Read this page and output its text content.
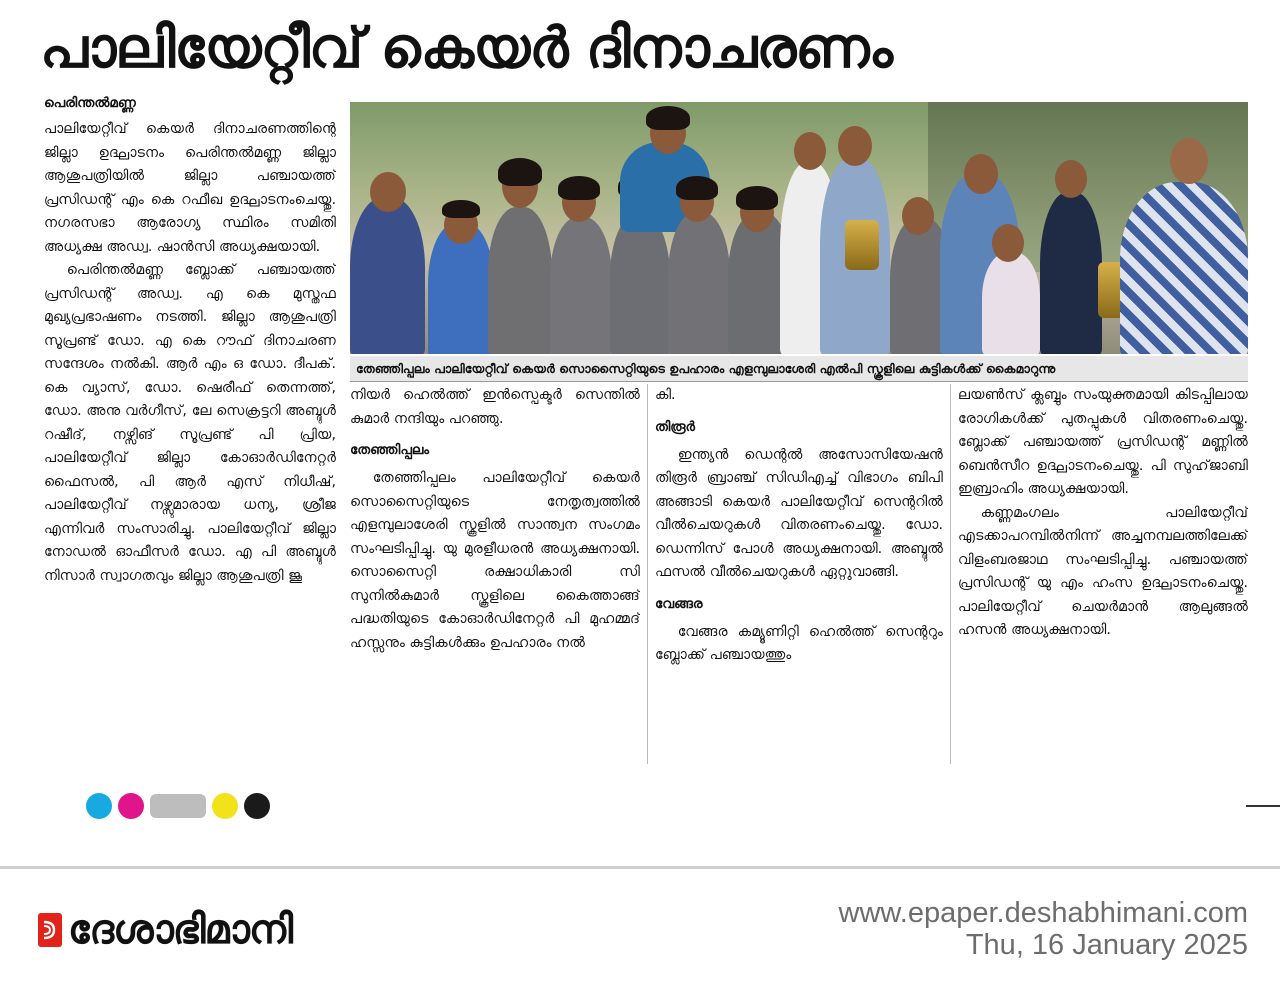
പാലിയേറ്റീവ് കെയർ ദിനാചരണം
പെരിന്തൽമണ്ണ

പാലിയേറ്റീവ് കെയർ ദിനാചരണത്തിന്റെ ജില്ലാ ഉദ്ഘാടനം പെരിന്തൽമണ്ണ ജില്ലാ ആശുപത്രിയിൽ ജില്ലാ പഞ്ചായത്ത് പ്രസിഡന്റ് എം കെ റഫീഖ ഉദ്ഘാടനംചെയ്തു. നഗരസഭാ ആരോഗ്യ സ്ഥിരം സമിതി അധ്യക്ഷ അഡ്വ. ഷാൻസി അധ്യക്ഷയായി.

പെരിന്തൽമണ്ണ ബ്ലോക്ക് പഞ്ചായത്ത് പ്രസിഡന്റ് അഡ്വ. എ കെ മുസ്തഫ മുഖ്യപ്രഭാഷണം നടത്തി. ജില്ലാ ആശുപത്രി സൂപ്രണ്ട് ഡോ. എ കെ റൗഫ് ദിനാചരണ സന്ദേശം നൽകി. ആർ എം ഒ ഡോ. ദീപക്. കെ വ്യാസ്, ഡോ. ഷെരീഫ് തെന്നത്ത്, ഡോ. അനു വർഗീസ്, ലേ സെക്രട്ടറി അബ്ദുൾ റഷീദ്, നഴ്സിങ് സൂപ്രണ്ട് പി പ്രിയ, പാലിയേറ്റീവ് ജില്ലാ കോഓർഡിനേറ്റർ ഫൈസൽ, പി ആർ എസ് നിധീഷ്, പാലിയേറ്റീവ് നഴ്സുമാരായ ധന്യ, ശ്രീജ എന്നിവർ സംസാരിച്ചു. പാലിയേറ്റീവ് ജില്ലാ നോഡൽ ഓഫീസർ ഡോ. എ പി അബ്ദുൾ നിസാർ സ്വാഗതവും ജില്ലാ ആശുപത്രി ജൂ

തേഞ്ഞിപ്പലം പാലിയേറ്റീവ് കെയർ സൊസൈറ്റിയുടെ ഉപഹാരം എളമ്പുലാശേരി എൽപി സ്കൂളിലെ കുട്ടികൾക്ക് കൈമാറുന്നു

നിയർ ഹെൽത്ത് ഇൻസ്പെക്ടർ സെന്തിൽ കുമാർ നന്ദിയും പറഞ്ഞു.

തേഞ്ഞിപ്പലം

തേഞ്ഞിപ്പലം പാലിയേറ്റീവ് കെയർ സൊസൈറ്റിയുടെ നേതൃത്വത്തിൽ എളമ്പുലാശേരി സ്കൂളിൽ സാന്ത്വന സംഗമം സംഘടിപ്പിച്ചു. യു മുരളീധരൻ അധ്യക്ഷനായി. സൊസൈറ്റി രക്ഷാധികാരി സി സുനിൽകുമാർ സ്കൂളിലെ കൈത്താങ്ങ് പദ്ധതിയുടെ കോഓർഡിനേറ്റർ പി മുഹമ്മദ് ഹസ്സനും കുട്ടികൾക്കും ഉപഹാരം നൽ

കി.

തിരൂർ

ഇന്ത്യൻ ഡെന്റൽ അസോസിയേഷൻ തിരൂർ ബ്രാഞ്ച് സിഡിഎച്ച് വിഭാഗം ബിപി അങ്ങാടി കെയർ പാലിയേറ്റീവ് സെന്ററിൽ വീൽചെയറുകൾ വിതരണംചെയ്തു. ഡോ. ഡെന്നിസ് പോൾ അധ്യക്ഷനായി. അബ്ദുൽ ഫസൽ വീൽചെയറുകൾ ഏറ്റുവാങ്ങി.

വേങ്ങര

വേങ്ങര കമ്യൂണിറ്റി ഹെൽത്ത് സെന്ററും ബ്ലോക്ക് പഞ്ചായത്തും

ലയൺസ് ക്ലബ്ബും സംയുക്തമായി കിടപ്പിലായ രോഗികൾക്ക് പുതപ്പുകൾ വിതരണംചെയ്തു. ബ്ലോക്ക് പഞ്ചായത്ത് പ്രസിഡന്റ് മണ്ണിൽ ബെൻസീറ ഉദ്ഘാടനംചെയ്തു. പി സുഹ്‌ജാബി ഇബ്രാഹിം അധ്യക്ഷയായി.

കണ്ണമംഗലം പാലിയേറ്റീവ് എടക്കാപറമ്പിൽനിന്ന് അച്ചനമ്പലത്തിലേക്ക് വിളംബരജാഥ സംഘടിപ്പിച്ചു. പഞ്ചായത്ത് പ്രസിഡന്റ് യു എം ഹംസ ഉദ്ഘാടനംചെയ്തു. പാലിയേറ്റീവ് ചെയർമാൻ ആലുങ്ങൽ ഹസൻ അധ്യക്ഷനായി.

ദേശാഭിമാനി	www.epaper.deshabhimani.com
Thu, 16 January 2025
